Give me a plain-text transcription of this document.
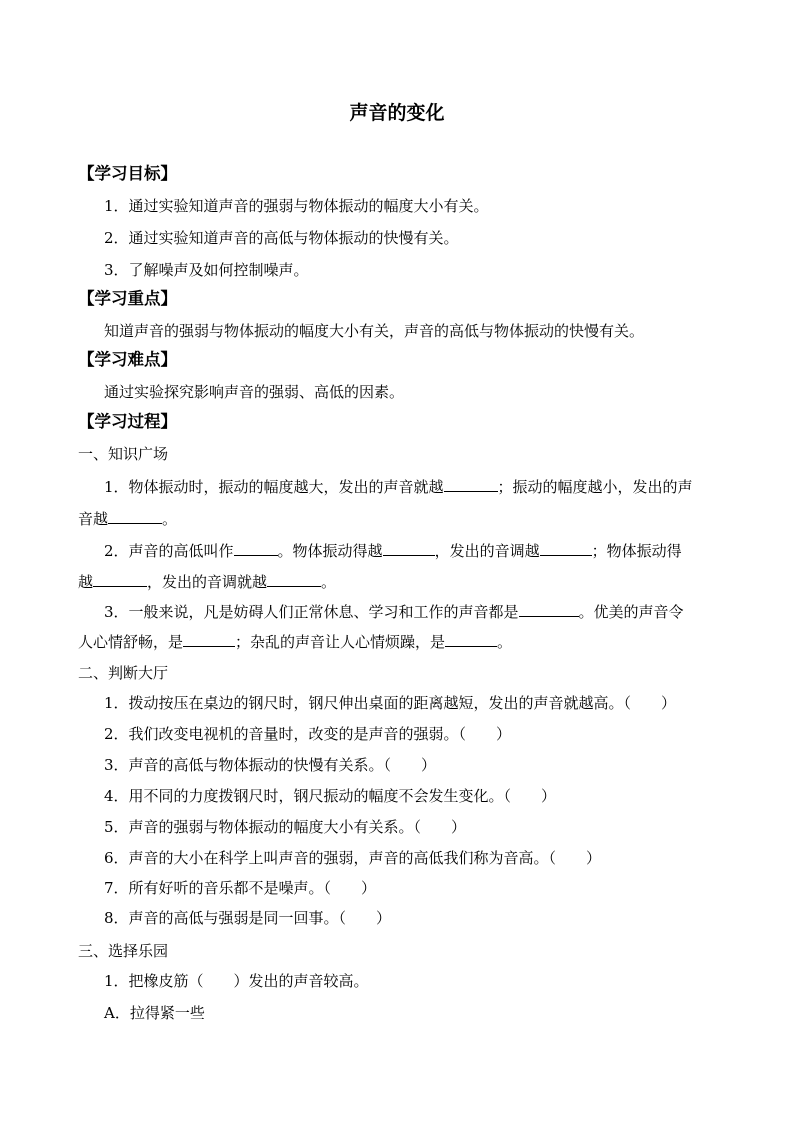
声音的变化
【学习目标】
1．通过实验知道声音的强弱与物体振动的幅度大小有关。
2．通过实验知道声音的高低与物体振动的快慢有关。
3．了解噪声及如何控制噪声。
【学习重点】
知道声音的强弱与物体振动的幅度大小有关，声音的高低与物体振动的快慢有关。
【学习难点】
通过实验探究影响声音的强弱、高低的因素。
【学习过程】
一、知识广场
1．物体振动时，振动的幅度越大，发出的声音就越	；振动的幅度越小，发出的声
音越	。
2．声音的高低叫作	。物体振动得越	，发出的音调越	；物体振动得
越	，发出的音调就越	。
3．一般来说，凡是妨碍人们正常休息、学习和工作的声音都是	。优美的声音令
人心情舒畅，是	；杂乱的声音让人心情烦躁，是	。
二、判断大厅
1．拨动按压在桌边的钢尺时，钢尺伸出桌面的距离越短，发出的声音就越高。（　　）
2．我们改变电视机的音量时，改变的是声音的强弱。（　　）
3．声音的高低与物体振动的快慢有关系。（　　）
4．用不同的力度拨钢尺时，钢尺振动的幅度不会发生变化。（　　）
5．声音的强弱与物体振动的幅度大小有关系。（　　）
6．声音的大小在科学上叫声音的强弱，声音的高低我们称为音高。（　　）
7．所有好听的音乐都不是噪声。（　　）
8．声音的高低与强弱是同一回事。（　　）
三、选择乐园
1．把橡皮筋（　　）发出的声音较高。
A．拉得紧一些
